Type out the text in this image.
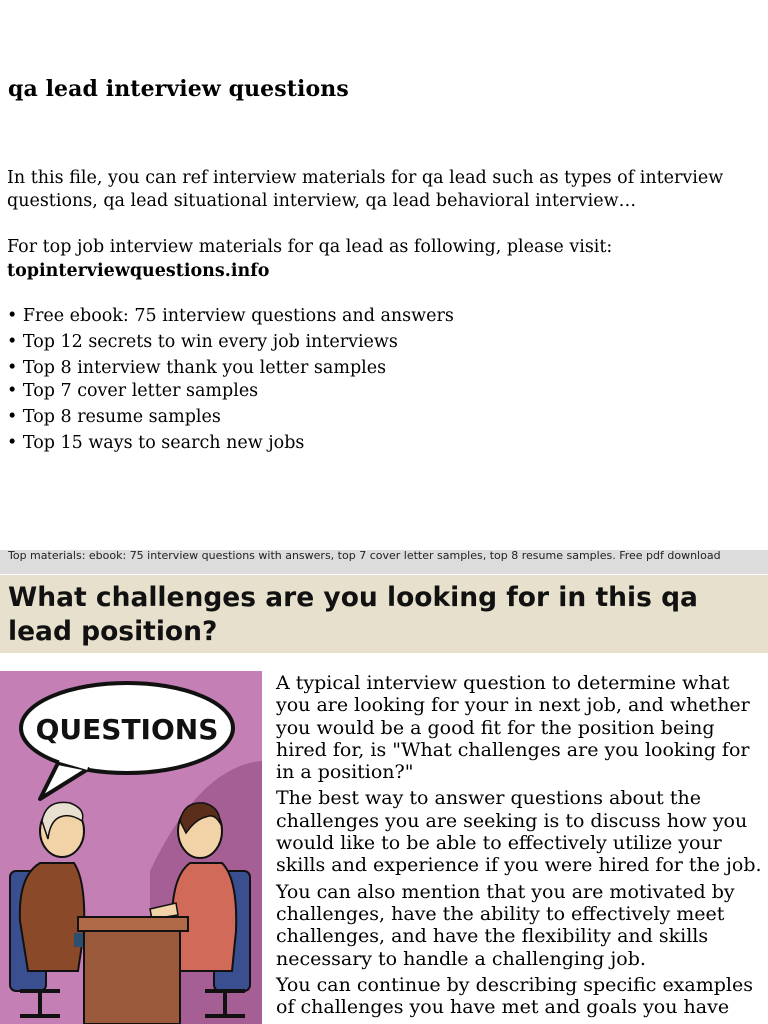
qa lead interview questions
In this file, you can ref interview materials for qa lead such as types of interview questions, qa lead situational interview, qa lead behavioral interview…
For top job interview materials for qa lead as following, please visit:
topinterviewquestions.info
• Free ebook: 75 interview questions and answers
• Top 12 secrets to win every job interviews
• Top 8 interview thank you letter samples
• Top 7 cover letter samples
• Top 8 resume samples
• Top 15 ways to search new jobs
Top materials: ebook: 75 interview questions with answers, top 7 cover letter samples, top 8 resume samples. Free pdf download
What challenges are you looking for in this qa lead position?
QUESTIONS

A typical interview question to determine what you are looking for your in next job, and whether you would be a good fit for the position being hired for, is "What challenges are you looking for in a position?"

The best way to answer questions about the challenges you are seeking is to discuss how you would like to be able to effectively utilize your skills and experience if you were hired for the job.

You can also mention that you are motivated by challenges, have the ability to effectively meet challenges, and have the flexibility and skills necessary to handle a challenging job.

You can continue by describing specific examples of challenges you have met and goals you have
